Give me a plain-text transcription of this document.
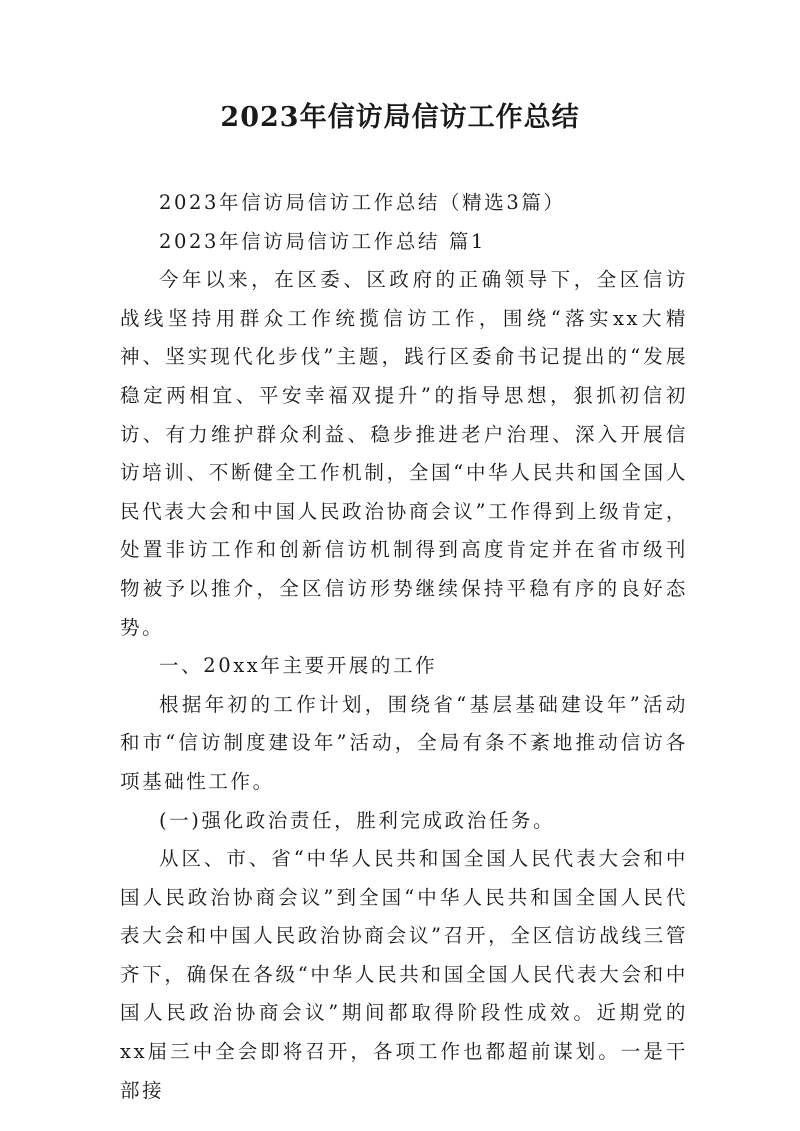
2023年信访局信访工作总结

2023年信访局信访工作总结（精选3篇）

2023年信访局信访工作总结 篇1

今年以来，在区委、区政府的正确领导下，全区信访战线坚持用群众工作统揽信访工作，围绕“落实xx大精神、坚实现代化步伐”主题，践行区委俞书记提出的“发展稳定两相宜、平安幸福双提升”的指导思想，狠抓初信初访、有力维护群众利益、稳步推进老户治理、深入开展信访培训、不断健全工作机制，全国“中华人民共和国全国人民代表大会和中国人民政治协商会议”工作得到上级肯定，处置非访工作和创新信访机制得到高度肯定并在省市级刊物被予以推介，全区信访形势继续保持平稳有序的良好态势。

一、20xx年主要开展的工作

根据年初的工作计划，围绕省“基层基础建设年”活动和市“信访制度建设年”活动，全局有条不紊地推动信访各项基础性工作。

(一)强化政治责任，胜利完成政治任务。

从区、市、省“中华人民共和国全国人民代表大会和中国人民政治协商会议”到全国“中华人民共和国全国人民代表大会和中国人民政治协商会议”召开，全区信访战线三管齐下，确保在各级“中华人民共和国全国人民代表大会和中国人民政治协商会议”期间都取得阶段性成效。近期党的xx届三中全会即将召开，各项工作也都超前谋划。一是干部接
